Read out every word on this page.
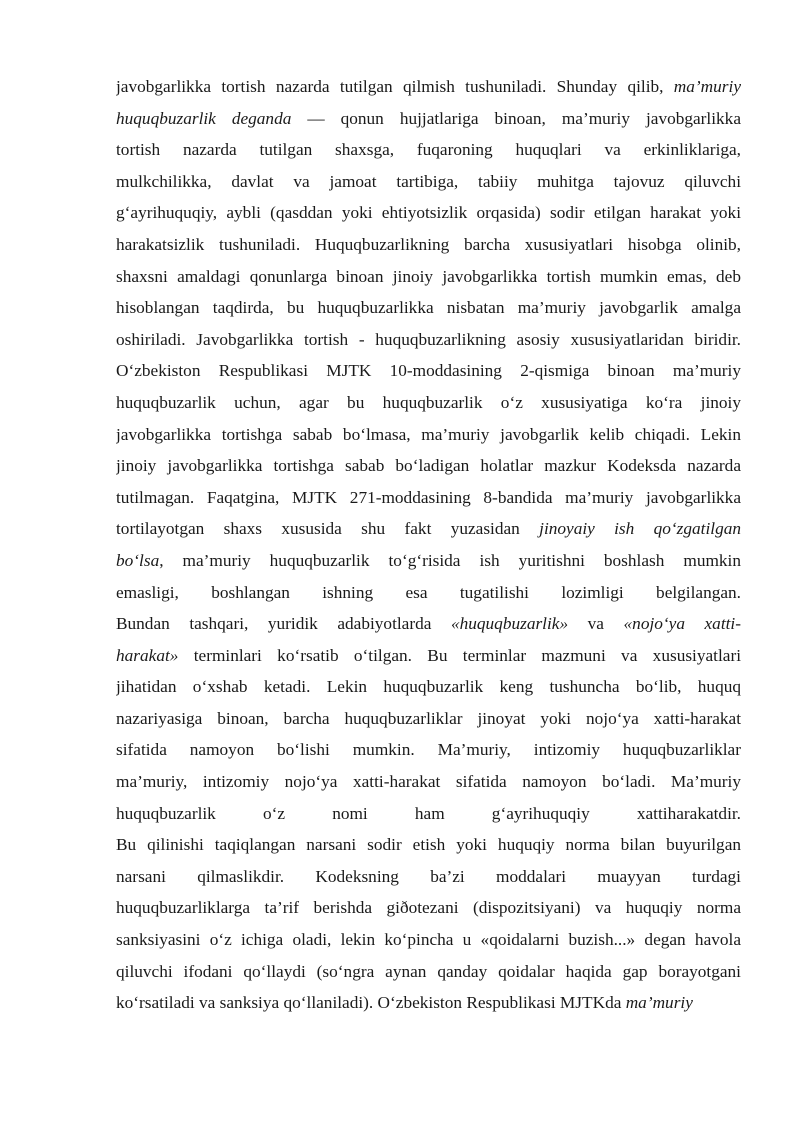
javobgarlikka tortish nazarda tutilgan qilmish tushuniladi. Shunday qilib, ma’muriy
huquqbuzarlik deganda — qonun hujjatlariga binoan, ma’muriy javobgarlikka
tortish nazarda tutilgan shaxsga, fuqaroning huquqlari va erkinliklariga,
mulkchilikka, davlat va jamoat tartibiga, tabiiy muhitga tajovuz qiluvchi
g‘ayrihuquqiy, aybli (qasddan yoki ehtiyotsizlik orqasida) sodir etilgan harakat yoki
harakatsizlik tushuniladi. Huquqbuzarlikning barcha xususiyatlari hisobga olinib,
shaxsni amaldagi qonunlarga binoan jinoiy javobgarlikka tortish mumkin emas, deb
hisoblangan taqdirda, bu huquqbuzarlikka nisbatan ma’muriy javobgarlik amalga
oshiriladi. Javobgarlikka tortish - huquqbuzarlikning asosiy xususiyatlaridan biridir.
O‘zbekiston Respublikasi MJTK 10-moddasining 2-qismiga binoan ma’muriy
huquqbuzarlik uchun, agar bu huquqbuzarlik o‘z xususiyatiga ko‘ra jinoiy
javobgarlikka tortishga sabab bo‘lmasa, ma’muriy javobgarlik kelib chiqadi. Lekin
jinoiy javobgarlikka tortishga sabab bo‘ladigan holatlar mazkur Kodeksda nazarda
tutilmagan. Faqatgina, MJTK 271-moddasining 8-bandida ma’muriy javobgarlikka
tortilayotgan shaxs xususida shu fakt yuzasidan jinoyaiy ish qo‘zgatilgan
bo‘lsa, ma’muriy huquqbuzarlik to‘g‘risida ish yuritishni boshlash mumkin
emasligi, boshlangan ishning esa tugatilishi lozimligi belgilangan.
Bundan tashqari, yuridik adabiyotlarda «huquqbuzarlik» va «nojo‘ya xatti-
harakat» terminlari ko‘rsatib o‘tilgan. Bu terminlar mazmuni va xususiyatlari
jihatidan o‘xshab ketadi. Lekin huquqbuzarlik keng tushuncha bo‘lib, huquq
nazariyasiga binoan, barcha huquqbuzarliklar jinoyat yoki nojo‘ya xatti-harakat
sifatida namoyon bo‘lishi mumkin. Ma’muriy, intizomiy huquqbuzarliklar
ma’muriy, intizomiy nojo‘ya xatti-harakat sifatida namoyon bo‘ladi. Ma’muriy
huquqbuzarlik o‘z nomi ham g‘ayrihuquqiy xattiharakatdir.
Bu qilinishi taqiqlangan narsani sodir etish yoki huquqiy norma bilan buyurilgan
narsani qilmaslikdir. Kodeksning ba’zi moddalari muayyan turdagi
huquqbuzarliklarga ta’rif berishda giðotezani (dispozitsiyani) va huquqiy norma
sanksiyasini o‘z ichiga oladi, lekin ko‘pincha u «qoidalarni buzish...» degan havola
qiluvchi ifodani qo‘llaydi (so‘ngra aynan qanday qoidalar haqida gap borayotgani
ko‘rsatiladi va sanksiya qo‘llaniladi). O‘zbekiston Respublikasi MJTKda ma’muriy
